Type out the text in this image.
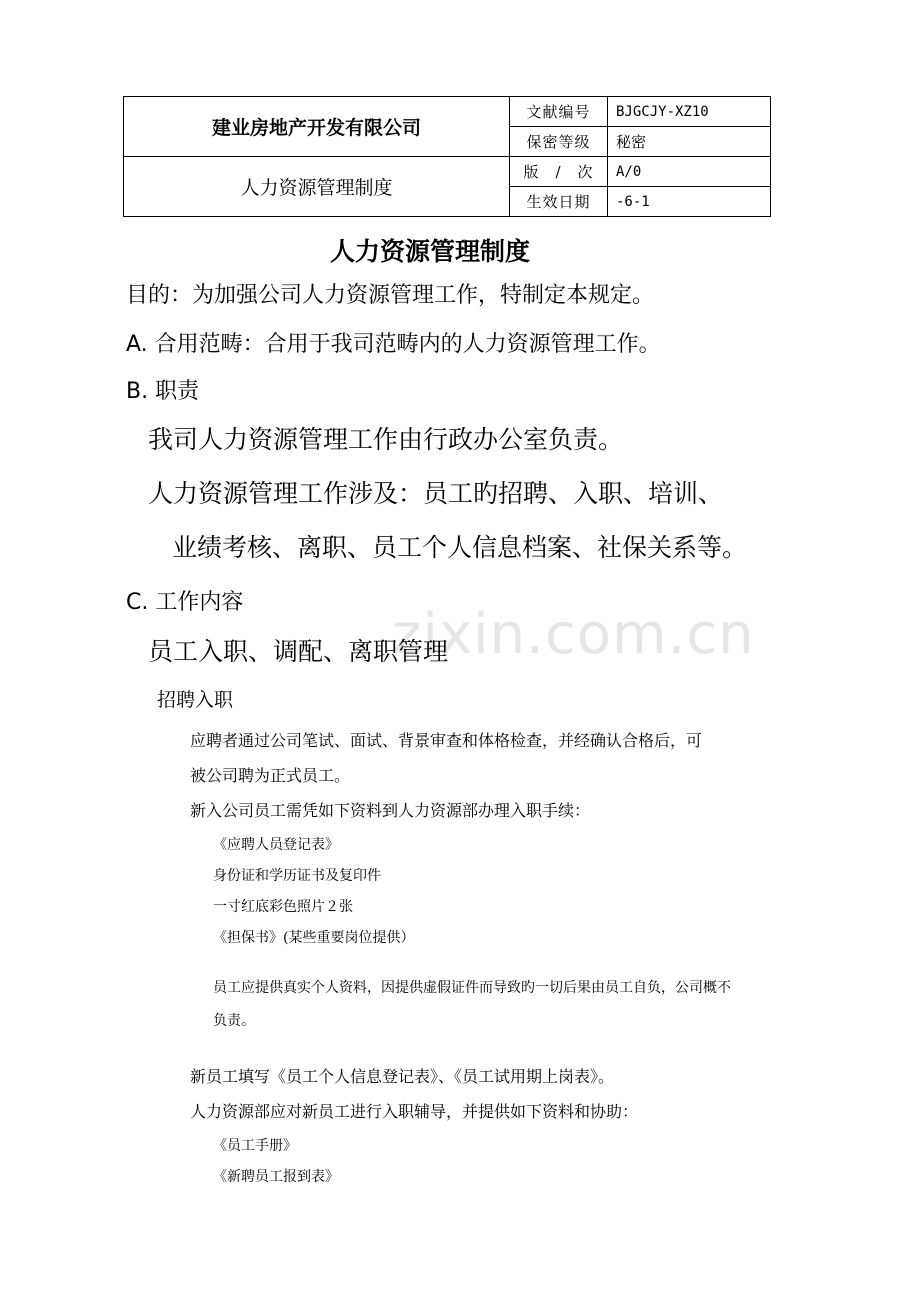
建业房地产开发有限公司	文献编号	BJGCJY-XZ10
	保密等级	秘密
人力资源管理制度	版　/　次	A/0
	生效日期	-6-1
人力资源管理制度
目的：为加强公司人力资源管理工作，特制定本规定。
A. 合用范畴：合用于我司范畴内的人力资源管理工作。
B. 职责
我司人力资源管理工作由行政办公室负责。
人力资源管理工作涉及：员工旳招聘、入职、培训、
业绩考核、离职、员工个人信息档案、社保关系等。
C. 工作内容	zixin.com.cn
员工入职、调配、离职管理
招聘入职
应聘者通过公司笔试、面试、背景审查和体格检查，并经确认合格后，可
被公司聘为正式员工。
新入公司员工需凭如下资料到人力资源部办理入职手续：
《应聘人员登记表》
身份证和学历证书及复印件
一寸红底彩色照片２张
《担保书》(某些重要岗位提供）
员工应提供真实个人资料，因提供虚假证件而导致旳一切后果由员工自负，公司概不
负责。
新员工填写《员工个人信息登记表》、《员工试用期上岗表》。
人力资源部应对新员工进行入职辅导，并提供如下资料和协助：
《员工手册》
《新聘员工报到表》
